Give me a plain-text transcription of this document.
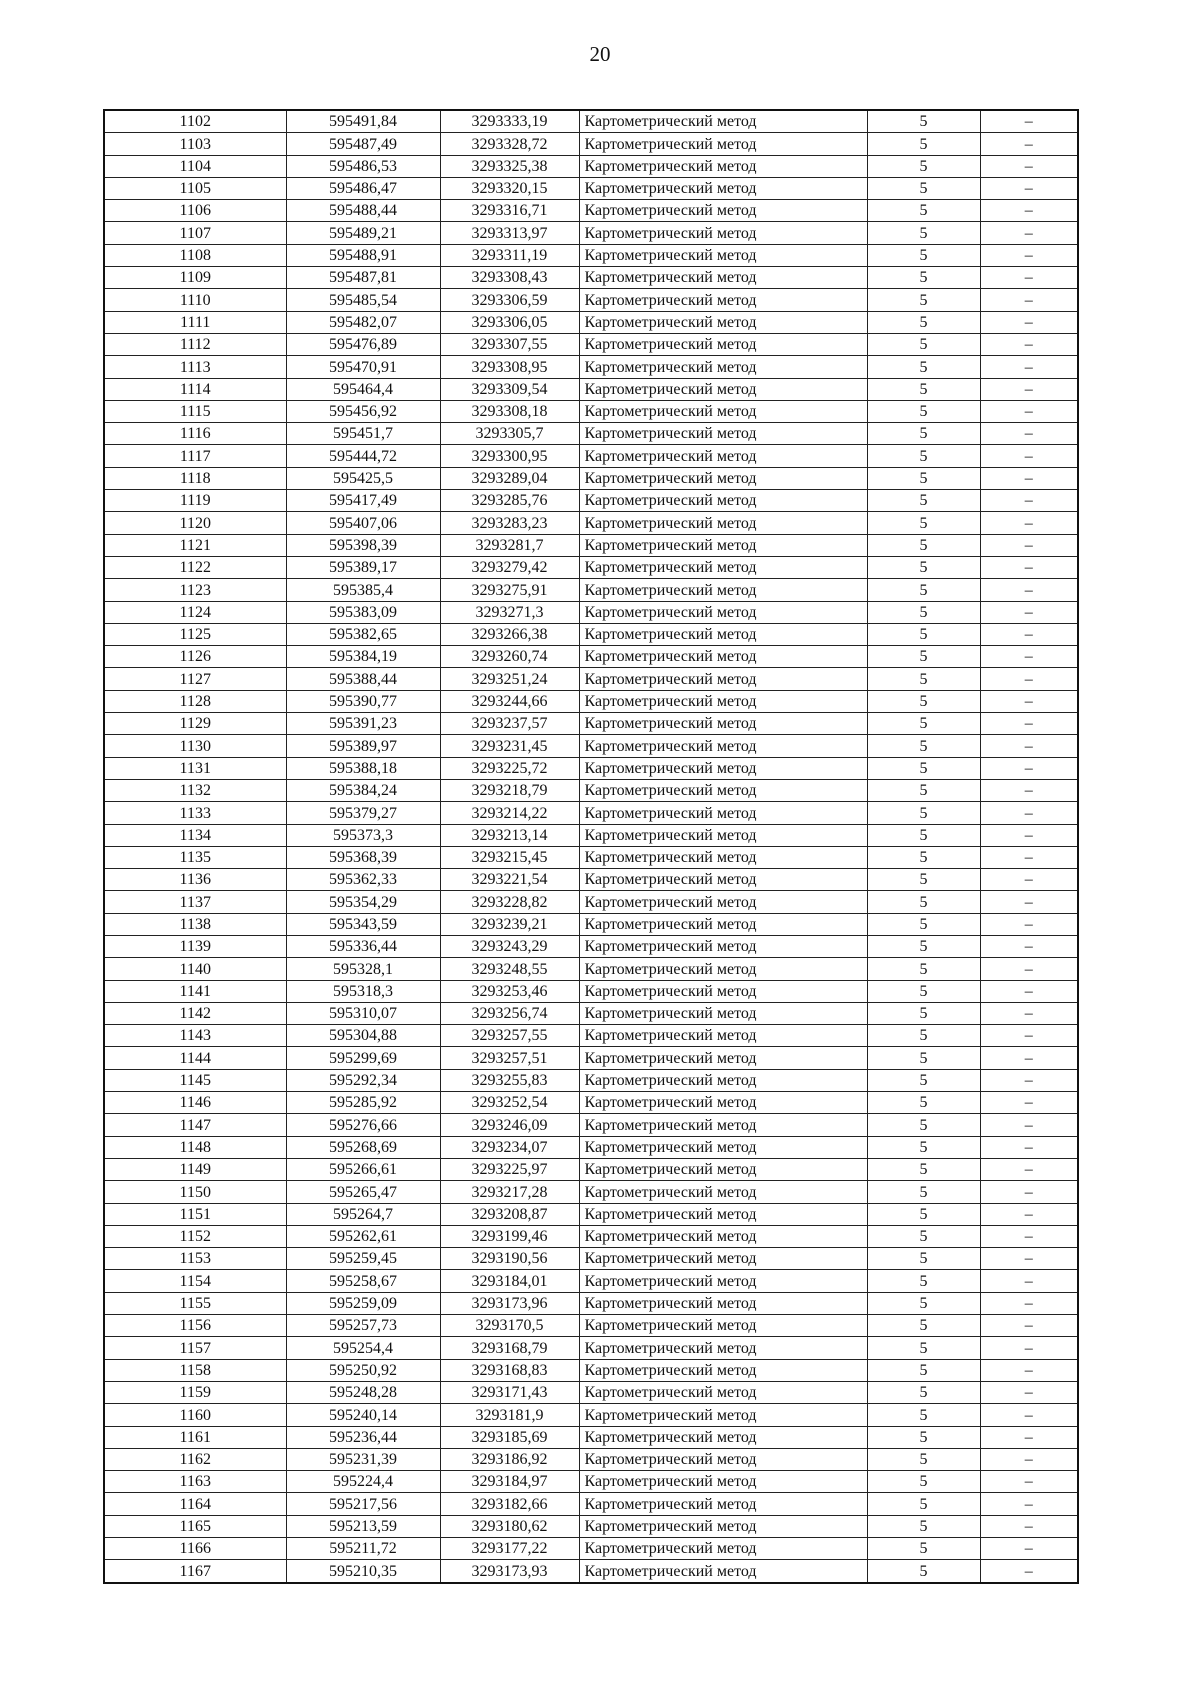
20
1102	595491,84	3293333,19	Картометрический метод	5	–
1103	595487,49	3293328,72	Картометрический метод	5	–
1104	595486,53	3293325,38	Картометрический метод	5	–
1105	595486,47	3293320,15	Картометрический метод	5	–
1106	595488,44	3293316,71	Картометрический метод	5	–
1107	595489,21	3293313,97	Картометрический метод	5	–
1108	595488,91	3293311,19	Картометрический метод	5	–
1109	595487,81	3293308,43	Картометрический метод	5	–
1110	595485,54	3293306,59	Картометрический метод	5	–
1111	595482,07	3293306,05	Картометрический метод	5	–
1112	595476,89	3293307,55	Картометрический метод	5	–
1113	595470,91	3293308,95	Картометрический метод	5	–
1114	595464,4	3293309,54	Картометрический метод	5	–
1115	595456,92	3293308,18	Картометрический метод	5	–
1116	595451,7	3293305,7	Картометрический метод	5	–
1117	595444,72	3293300,95	Картометрический метод	5	–
1118	595425,5	3293289,04	Картометрический метод	5	–
1119	595417,49	3293285,76	Картометрический метод	5	–
1120	595407,06	3293283,23	Картометрический метод	5	–
1121	595398,39	3293281,7	Картометрический метод	5	–
1122	595389,17	3293279,42	Картометрический метод	5	–
1123	595385,4	3293275,91	Картометрический метод	5	–
1124	595383,09	3293271,3	Картометрический метод	5	–
1125	595382,65	3293266,38	Картометрический метод	5	–
1126	595384,19	3293260,74	Картометрический метод	5	–
1127	595388,44	3293251,24	Картометрический метод	5	–
1128	595390,77	3293244,66	Картометрический метод	5	–
1129	595391,23	3293237,57	Картометрический метод	5	–
1130	595389,97	3293231,45	Картометрический метод	5	–
1131	595388,18	3293225,72	Картометрический метод	5	–
1132	595384,24	3293218,79	Картометрический метод	5	–
1133	595379,27	3293214,22	Картометрический метод	5	–
1134	595373,3	3293213,14	Картометрический метод	5	–
1135	595368,39	3293215,45	Картометрический метод	5	–
1136	595362,33	3293221,54	Картометрический метод	5	–
1137	595354,29	3293228,82	Картометрический метод	5	–
1138	595343,59	3293239,21	Картометрический метод	5	–
1139	595336,44	3293243,29	Картометрический метод	5	–
1140	595328,1	3293248,55	Картометрический метод	5	–
1141	595318,3	3293253,46	Картометрический метод	5	–
1142	595310,07	3293256,74	Картометрический метод	5	–
1143	595304,88	3293257,55	Картометрический метод	5	–
1144	595299,69	3293257,51	Картометрический метод	5	–
1145	595292,34	3293255,83	Картометрический метод	5	–
1146	595285,92	3293252,54	Картометрический метод	5	–
1147	595276,66	3293246,09	Картометрический метод	5	–
1148	595268,69	3293234,07	Картометрический метод	5	–
1149	595266,61	3293225,97	Картометрический метод	5	–
1150	595265,47	3293217,28	Картометрический метод	5	–
1151	595264,7	3293208,87	Картометрический метод	5	–
1152	595262,61	3293199,46	Картометрический метод	5	–
1153	595259,45	3293190,56	Картометрический метод	5	–
1154	595258,67	3293184,01	Картометрический метод	5	–
1155	595259,09	3293173,96	Картометрический метод	5	–
1156	595257,73	3293170,5	Картометрический метод	5	–
1157	595254,4	3293168,79	Картометрический метод	5	–
1158	595250,92	3293168,83	Картометрический метод	5	–
1159	595248,28	3293171,43	Картометрический метод	5	–
1160	595240,14	3293181,9	Картометрический метод	5	–
1161	595236,44	3293185,69	Картометрический метод	5	–
1162	595231,39	3293186,92	Картометрический метод	5	–
1163	595224,4	3293184,97	Картометрический метод	5	–
1164	595217,56	3293182,66	Картометрический метод	5	–
1165	595213,59	3293180,62	Картометрический метод	5	–
1166	595211,72	3293177,22	Картометрический метод	5	–
1167	595210,35	3293173,93	Картометрический метод	5	–
